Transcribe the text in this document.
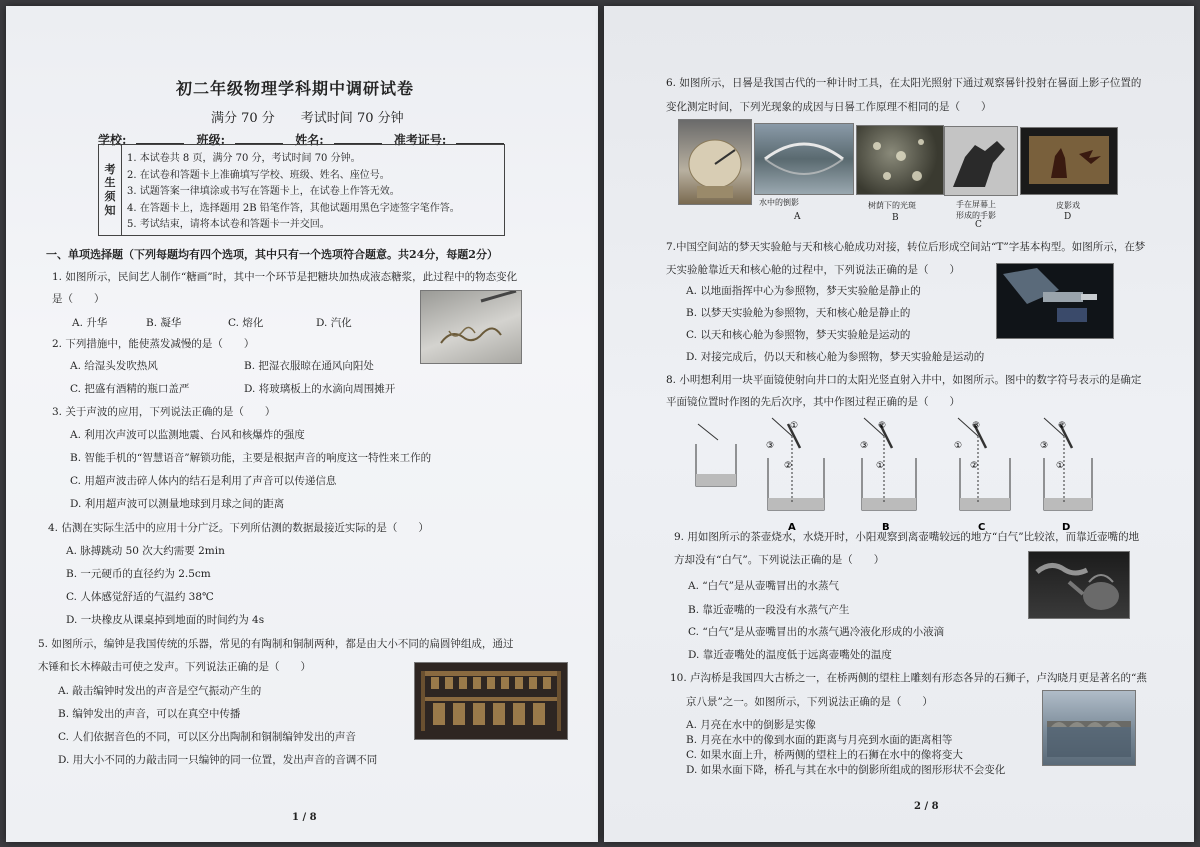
初二年级物理学科期中调研试卷
满分 70 分　　考试时间 70 分钟
学校:	班级:	姓名:	准考证号:
考
生
须
知
1. 本试卷共 8 页，满分 70 分，考试时间 70 分钟。
2. 在试卷和答题卡上准确填写学校、班级、姓名、座位号。
3. 试题答案一律填涂或书写在答题卡上，在试卷上作答无效。
4. 在答题卡上，选择题用 2B 铅笔作答，其他试题用黑色字迹签字笔作答。
5. 考试结束，请将本试卷和答题卡一并交回。
一、单项选择题（下列每题均有四个选项，其中只有一个选项符合题意。共24分，每题2分）
1. 如图所示，民间艺人制作“糖画”时，其中一个环节是把糖块加热成液态糖浆，此过程中的物态变化
是（　　）
A. 升华	B. 凝华	C. 熔化	D. 汽化
2. 下列措施中，能使蒸发减慢的是（　　）
A. 给湿头发吹热风	B. 把湿衣服晾在通风向阳处
C. 把盛有酒精的瓶口盖严	D. 将玻璃板上的水滴向周围摊开
3. 关于声波的应用，下列说法正确的是（　　）
A. 利用次声波可以监测地震、台风和核爆炸的强度
B. 智能手机的“智慧语音”解锁功能，主要是根据声音的响度这一特性来工作的
C. 用超声波击碎人体内的结石是利用了声音可以传递信息
D. 利用超声波可以测量地球到月球之间的距离
4. 估测在实际生活中的应用十分广泛。下列所估测的数据最接近实际的是（　　）
A. 脉搏跳动 50 次大约需要 2min
B. 一元硬币的直径约为 2.5cm
C. 人体感觉舒适的气温约 38℃
D. 一块橡皮从课桌掉到地面的时间约为 4s
5. 如图所示，编钟是我国传统的乐器，常见的有陶制和铜制两种，都是由大小不同的扁圆钟组成，通过
木锤和长木棒敲击可使之发声。下列说法正确的是（　　）
A. 敲击编钟时发出的声音是空气振动产生的
B. 编钟发出的声音，可以在真空中传播
C. 人们依据音色的不同，可以区分出陶制和铜制编钟发出的声音
D. 用大小不同的力敲击同一只编钟的同一位置，发出声音的音调不同
1 / 8
6. 如图所示，日晷是我国古代的一种计时工具，在太阳光照射下通过观察晷针投射在晷面上影子位置的
变化测定时间，下列光现象的成因与日晷工作原理不相同的是（　　）
水中的倒影	树荫下的光斑	手在屏幕上
形成的手影
皮影戏
A	B
C
D
7.中国空间站的梦天实验舱与天和核心舱成功对接，转位后形成空间站“T”字基本构型。如图所示，在梦
天实验舱靠近天和核心舱的过程中，下列说法正确的是（　　）
A. 以地面指挥中心为参照物，梦天实验舱是静止的
B. 以梦天实验舱为参照物，天和核心舱是静止的
C. 以天和核心舱为参照物，梦天实验舱是运动的
D. 对接完成后，仍以天和核心舱为参照物，梦天实验舱是运动的
8. 小明想利用一块平面镜使射向井口的太阳光竖直射入井中，如图所示。图中的数字符号表示的是确定
平面镜位置时作图的先后次序，其中作图过程正确的是（　　）
①
③
②
A
②
③
①
B
③
①
②
C
②
③
①
D
9. 用如图所示的茶壶烧水，水烧开时，小阳观察到离壶嘴较远的地方“白气”比较浓，而靠近壶嘴的地
方却没有“白气”。下列说法正确的是（　　）
A. “白气”是从壶嘴冒出的水蒸气
B. 靠近壶嘴的一段没有水蒸气产生
C. “白气”是从壶嘴冒出的水蒸气遇冷液化形成的小液滴
D. 靠近壶嘴处的温度低于远离壶嘴处的温度
10. 卢沟桥是我国四大古桥之一，在桥两侧的望柱上雕刻有形态各异的石狮子，卢沟晓月更是著名的“燕
京八景”之一。如图所示，下列说法正确的是（　　）
A. 月亮在水中的倒影是实像
B. 月亮在水中的像到水面的距离与月亮到水面的距离相等
C. 如果水面上升，桥两侧的望柱上的石狮在水中的像将变大
D. 如果水面下降，桥孔与其在水中的倒影所组成的图形形状不会变化
2 / 8
